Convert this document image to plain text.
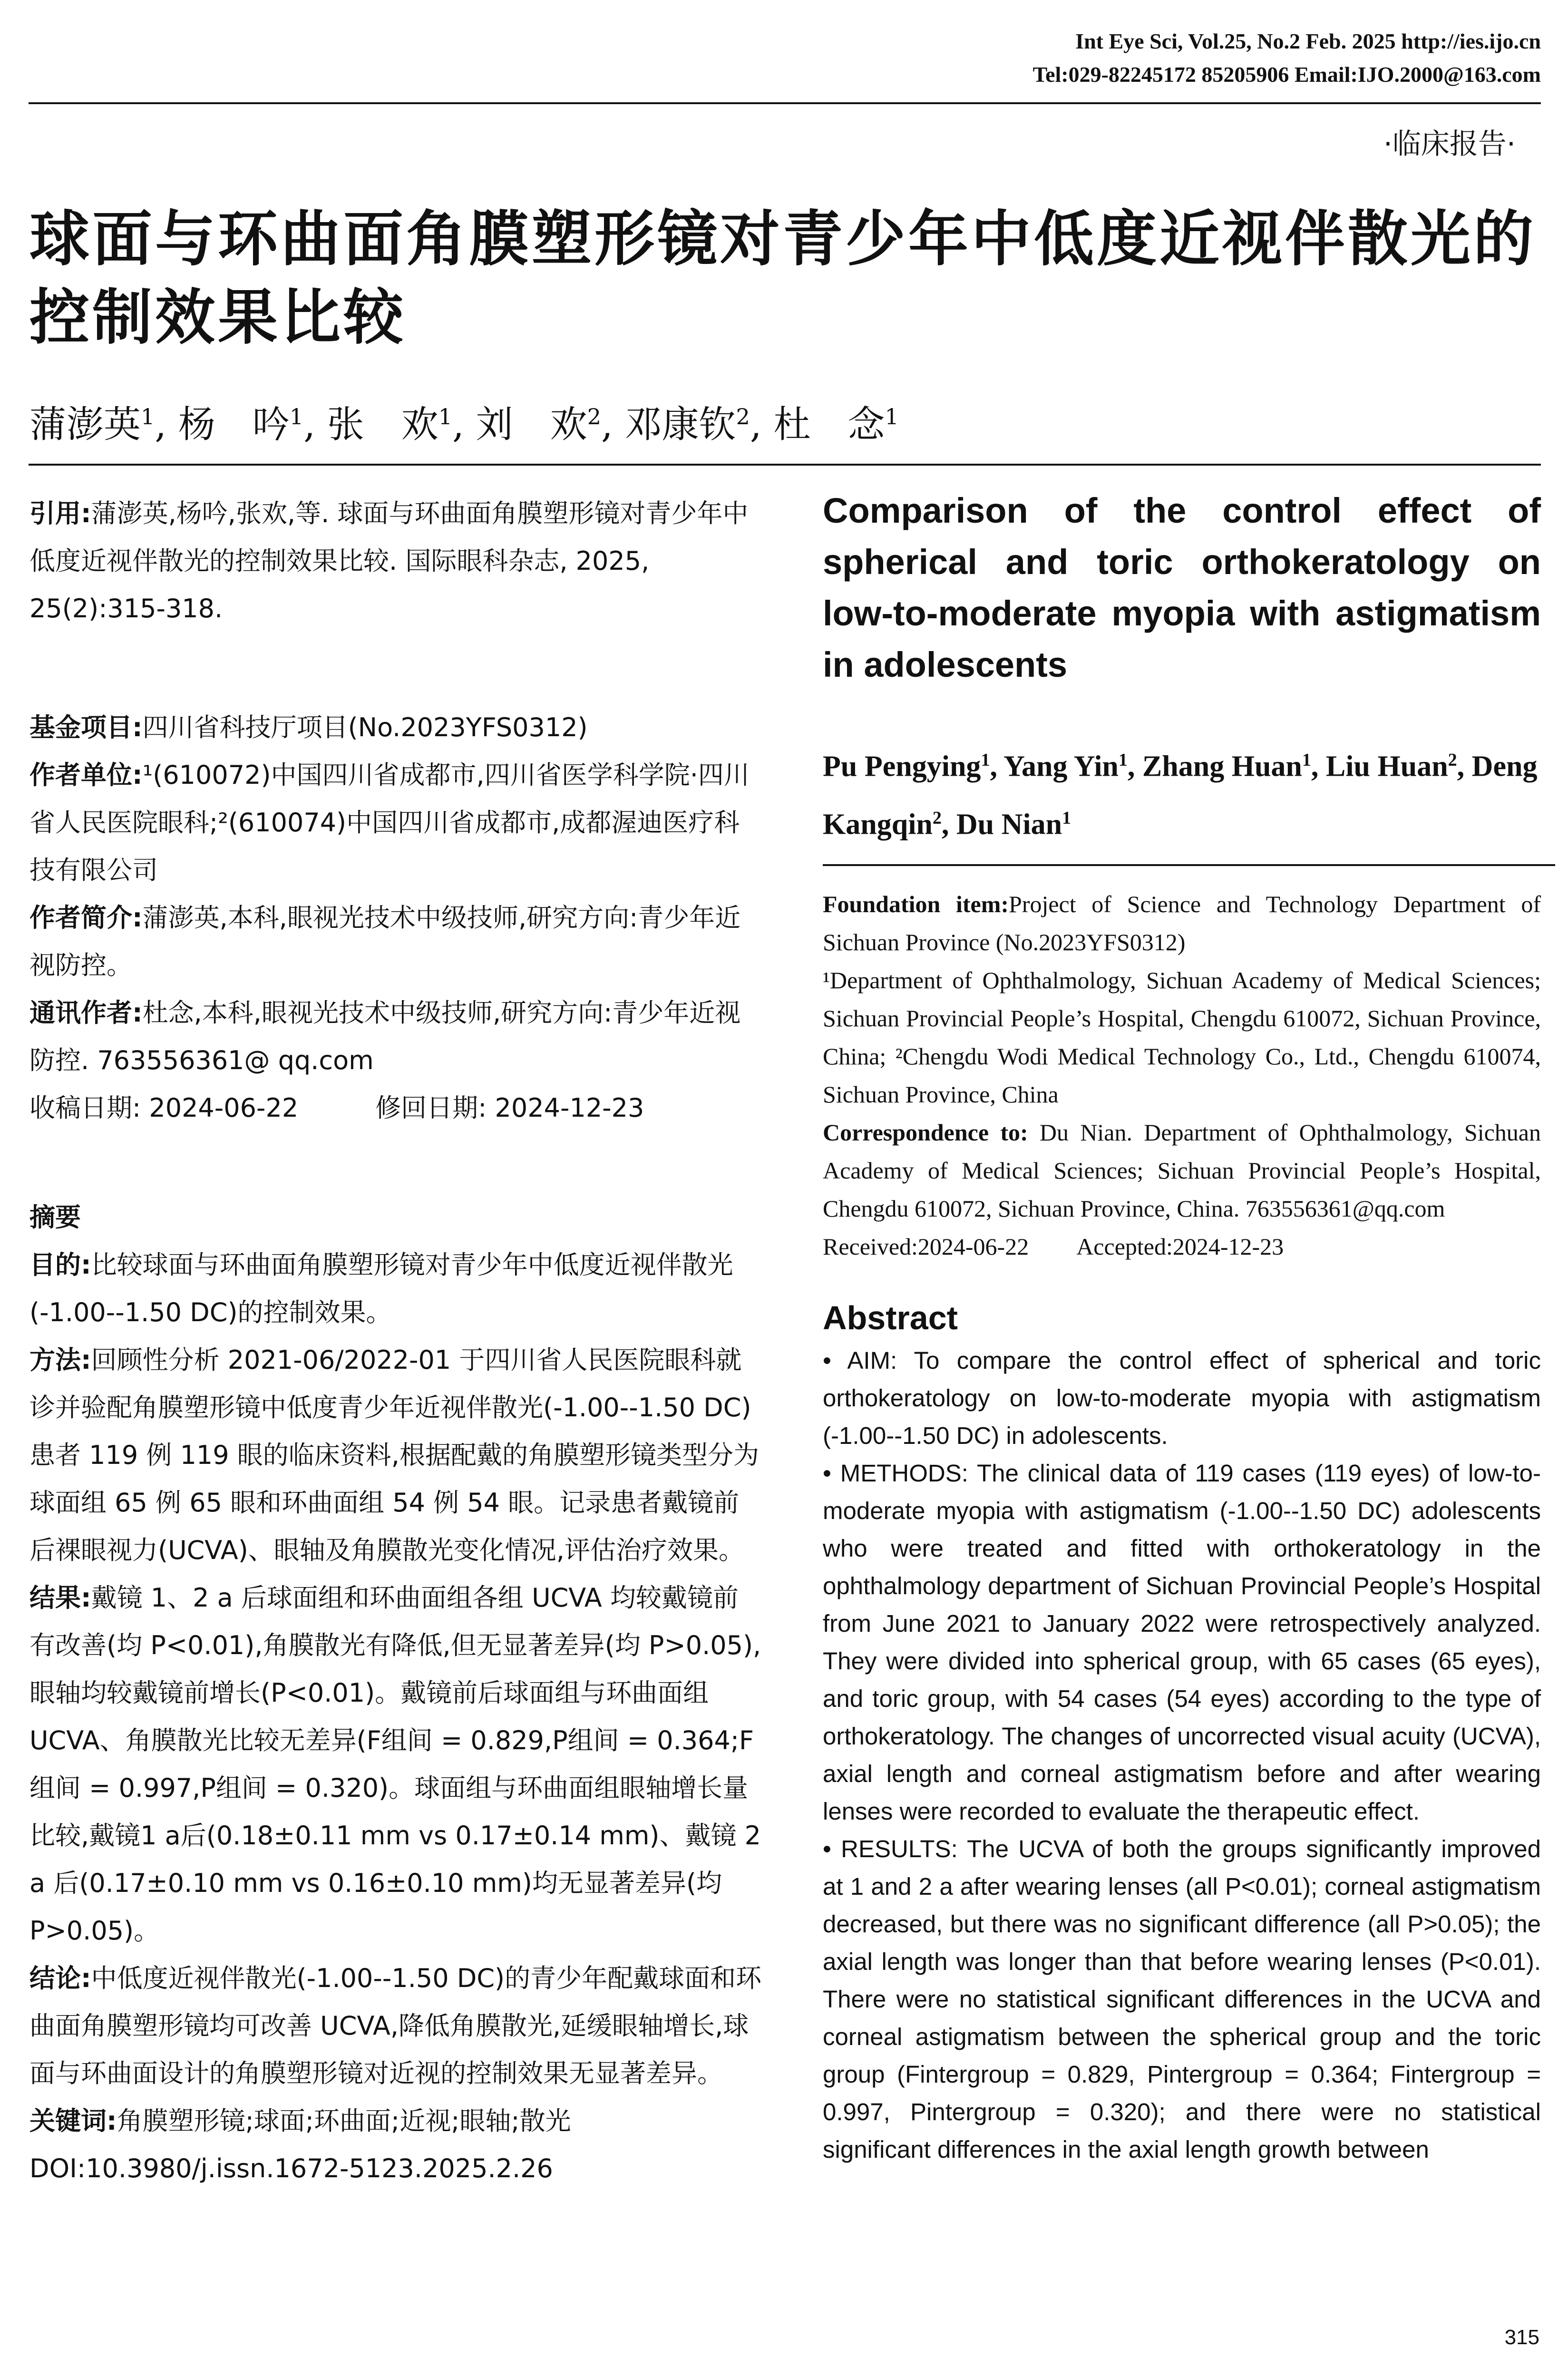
Int Eye Sci, Vol.25, No.2 Feb. 2025 http://ies.ijo.cn
Tel:029-82245172 85205906 Email:IJO.2000@163.com
·临床报告·
球面与环曲面角膜塑形镜对青少年中低度近视伴散光的控制效果比较
蒲澎英$^1$, 杨　吟$^1$, 张　欢$^1$, 刘　欢$^2$, 邓康钦$^2$, 杜　念$^1$

引用:蒲澎英,杨吟,张欢,等. 球面与环曲面角膜塑形镜对青少年中低度近视伴散光的控制效果比较. 国际眼科杂志, 2025, 25(2):315-318.

基金项目:四川省科技厅项目(No.2023YFS0312)

作者单位:¹(610072)中国四川省成都市,四川省医学科学院·四川省人民医院眼科;²(610074)中国四川省成都市,成都渥迪医疗科技有限公司

作者简介:蒲澎英,本科,眼视光技术中级技师,研究方向:青少年近视防控。

通讯作者:杜念,本科,眼视光技术中级技师,研究方向:青少年近视防控. 763556361@ qq.com

收稿日期: 2024-06-22　　　	修回日期: 2024-12-23

摘要

目的:比较球面与环曲面角膜塑形镜对青少年中低度近视伴散光(-1.00--1.50 DC)的控制效果。

方法:回顾性分析 2021-06/2022-01 于四川省人民医院眼科就诊并验配角膜塑形镜中低度青少年近视伴散光(-1.00--1.50 DC)患者 119 例 119 眼的临床资料,根据配戴的角膜塑形镜类型分为球面组 65 例 65 眼和环曲面组 54 例 54 眼。记录患者戴镜前后裸眼视力(UCVA)、眼轴及角膜散光变化情况,评估治疗效果。

结果:戴镜 1、2 a 后球面组和环曲面组各组 UCVA 均较戴镜前有改善(均 P<0.01),角膜散光有降低,但无显著差异(均 P>0.05),眼轴均较戴镜前增长(P<0.01)。戴镜前后球面组与环曲面组 UCVA、角膜散光比较无差异(F组间 = 0.829,P组间 = 0.364;F组间 = 0.997,P组间 = 0.320)。球面组与环曲面组眼轴增长量比较,戴镜1 a后(0.18±0.11 mm vs 0.17±0.14 mm)、戴镜 2 a 后(0.17±0.10 mm vs 0.16±0.10 mm)均无显著差异(均 P>0.05)。

结论:中低度近视伴散光(-1.00--1.50 DC)的青少年配戴球面和环曲面角膜塑形镜均可改善 UCVA,降低角膜散光,延缓眼轴增长,球面与环曲面设计的角膜塑形镜对近视的控制效果无显著差异。

关键词:角膜塑形镜;球面;环曲面;近视;眼轴;散光

DOI:10.3980/j.issn.1672-5123.2025.2.26

Comparison of the control effect of spherical and toric orthokeratology on low-to-moderate myopia with astigmatism in adolescents
Pu Pengying$^1$, Yang Yin$^1$, Zhang Huan$^1$, Liu Huan$^2$, Deng Kangqin$^2$, Du Nian$^1$

Foundation item:Project of Science and Technology Department of Sichuan Province (No.2023YFS0312)

¹Department of Ophthalmology, Sichuan Academy of Medical Sciences; Sichuan Provincial People’s Hospital, Chengdu 610072, Sichuan Province, China; ²Chengdu Wodi Medical Technology Co., Ltd., Chengdu 610074, Sichuan Province, China

Correspondence to: Du Nian. Department of Ophthalmology, Sichuan Academy of Medical Sciences; Sichuan Provincial People’s Hospital, Chengdu 610072, Sichuan Province, China. 763556361@qq.com

Received:2024-06-22　　 Accepted:2024-12-23

Abstract

• AIM: To compare the control effect of spherical and toric orthokeratology on low-to-moderate myopia with astigmatism (-1.00--1.50 DC) in adolescents.

• METHODS: The clinical data of 119 cases (119 eyes) of low-to-moderate myopia with astigmatism (-1.00--1.50 DC) adolescents who were treated and fitted with orthokeratology in the ophthalmology department of Sichuan Provincial People’s Hospital from June 2021 to January 2022 were retrospectively analyzed. They were divided into spherical group, with 65 cases (65 eyes), and toric group, with 54 cases (54 eyes) according to the type of orthokeratology. The changes of uncorrected visual acuity (UCVA), axial length and corneal astigmatism before and after wearing lenses were recorded to evaluate the therapeutic effect.

• RESULTS: The UCVA of both the groups significantly improved at 1 and 2 a after wearing lenses (all P<0.01); corneal astigmatism decreased, but there was no significant difference (all P>0.05); the axial length was longer than that before wearing lenses (P<0.01). There were no statistical significant differences in the UCVA and corneal astigmatism between the spherical group and the toric group (Fintergroup = 0.829, Pintergroup = 0.364; Fintergroup = 0.997, Pintergroup = 0.320); and there were no statistical significant differences in the axial length growth between

315
